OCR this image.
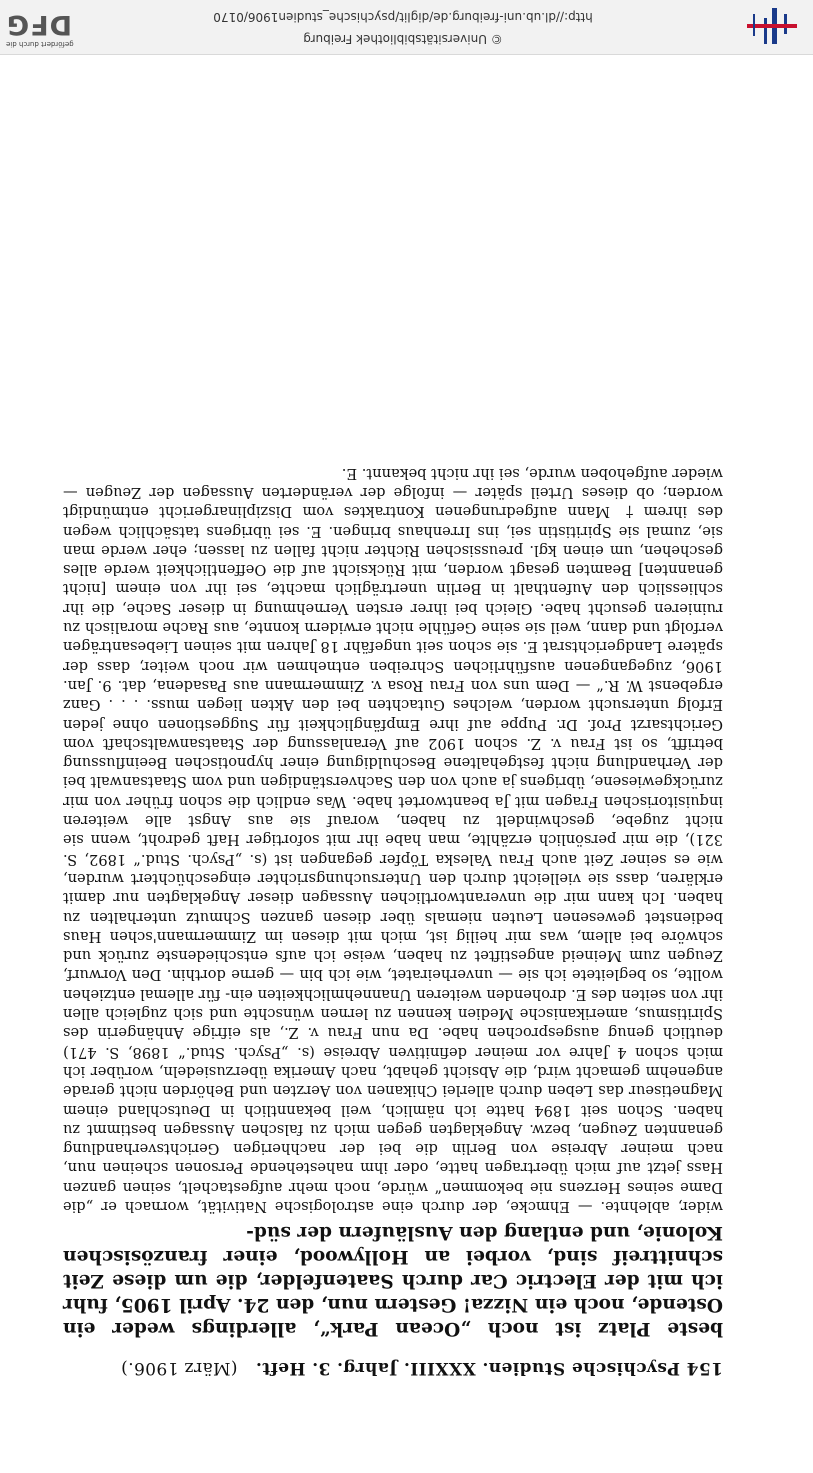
154 Psychische Studien. XXXIII. Jahrg. 3. Heft.(März 1906.)

beste Platz ist noch „Ocean Park“, allerdings weder ein Ostende, noch ein Nizza! Gestern nun, den 24. April 1905, fuhr ich mit der Electric Car durch Saatenfelder, die um diese Zeit schnittreif sind, vorbei an Hollywood, einer französischen Kolonie, und entlang den Ausläufern der süd-

wider, ablehnte. — Ehmcke, der durch eine astrologische Nativität, wornach er „die Dame seines Herzens nie bekommen“ würde, noch mehr aufgestachelt, seinen ganzen Hass jetzt auf mich übertragen hatte, oder ihm nahestehende Personen scheinen nun, nach meiner Abreise von Berlin die bei der nachherigen Gerichtsverhandlung genannten Zeugen, bezw. Angeklagten gegen mich zu falschen Aussagen bestimmt zu haben. Schon seit 1894 hatte ich nämlich, weil bekanntlich in Deutschland einem Magnetiseur das Leben durch allerlei Chikanen von Aerzten und Behörden nicht gerade angenehm gemacht wird, die Absicht gehabt, nach Amerika überzusiedeln, worüber ich mich schon 4 Jahre vor meiner definitiven Abreise (s. „Psych. Stud.“ 1898, S. 471) deutlich genug ausgesprochen habe. Da nun Frau v. Z., als eifrige Anhängerin des Spiritismus, amerikanische Medien kennen zu lernen wünschte und sich zugleich allen ihr von seiten des E. drohenden weiteren Unannehmlichkeiten ein- für allemal entziehen wollte, so begleitete ich sie — unverheiratet, wie ich bin — gerne dorthin. Den Vorwurf, Zeugen zum Meineid angestiftet zu haben, weise ich aufs entschiedenste zurück und schwöre bei allem, was mir heilig ist, mich mit diesen im Zimmermann'schen Haus bedienstet gewesenen Leuten niemals über diesen ganzen Schmutz unterhalten zu haben. Ich kann mir die unverantwortlichen Aussagen dieser Angeklagten nur damit erklären, dass sie vielleicht durch den Untersuchungsrichter eingeschüchtert wurden, wie es seiner Zeit auch Frau Valeska Töpfer gegangen ist (s. „Psych. Stud.“ 1892, S. 321), die mir persönlich erzählte, man habe ihr mit sofortiger Haft gedroht, wenn sie nicht zugebe, geschwindelt zu haben, worauf sie aus Angst alle weiteren inquisitorischen Fragen mit Ja beantwortet habe. Was endlich die schon früher von mir zurückgewiesene, übrigens ja auch von den Sachverständigen und vom Staatsanwalt bei der Verhandlung nicht festgehaltene Beschuldigung einer hypnotischen Beeinflussung betrifft, so ist Frau v. Z. schon 1902 auf Veranlassung der Staatsanwaltschaft vom Gerichtsarzt Prof. Dr. Puppe auf ihre Empfänglichkeit für Suggestionen ohne jeden Erfolg untersucht worden, welches Gutachten bei den Akten liegen muss. . . . Ganz ergebenst W. R.“ — Dem uns von Frau Rosa v. Zimmermann aus Pasadena, dat. 9. Jan. 1906, zugegangenen ausführlichen Schreiben entnehmen wir noch weiter, dass der spätere Landgerichtsrat E. sie schon seit ungefähr 18 Jahren mit seinen Liebesanträgen verfolgt und dann, weil sie seine Gefühle nicht erwidern konnte, aus Rache moralisch zu ruinieren gesucht habe. Gleich bei ihrer ersten Vernehmung in dieser Sache, die ihr schliesslich den Aufenthalt in Berlin unerträglich machte, sei ihr von einem [nicht genannten] Beamten gesagt worden, mit Rücksicht auf die Oeffentlichkeit werde alles geschehen, um einen kgl. preussischen Richter nicht fallen zu lassen; eher werde man sie, zumal sie Spiritistin sei, ins Irrenhaus bringen. E. sei übrigens tatsächlich wegen des ihrem † Mann aufgedrungenen Kontraktes vom Disziplinargericht entmündigt worden; ob dieses Urteil später — infolge der veränderten Aussagen der Zeugen — wieder aufgehoben wurde, sei ihr nicht bekannt. E.

© Universitätsbibliothek Freiburg
http://dl.ub.uni-freiburg.de/diglit/psychische_studien1906/0170
gefördert durch die
DFG
